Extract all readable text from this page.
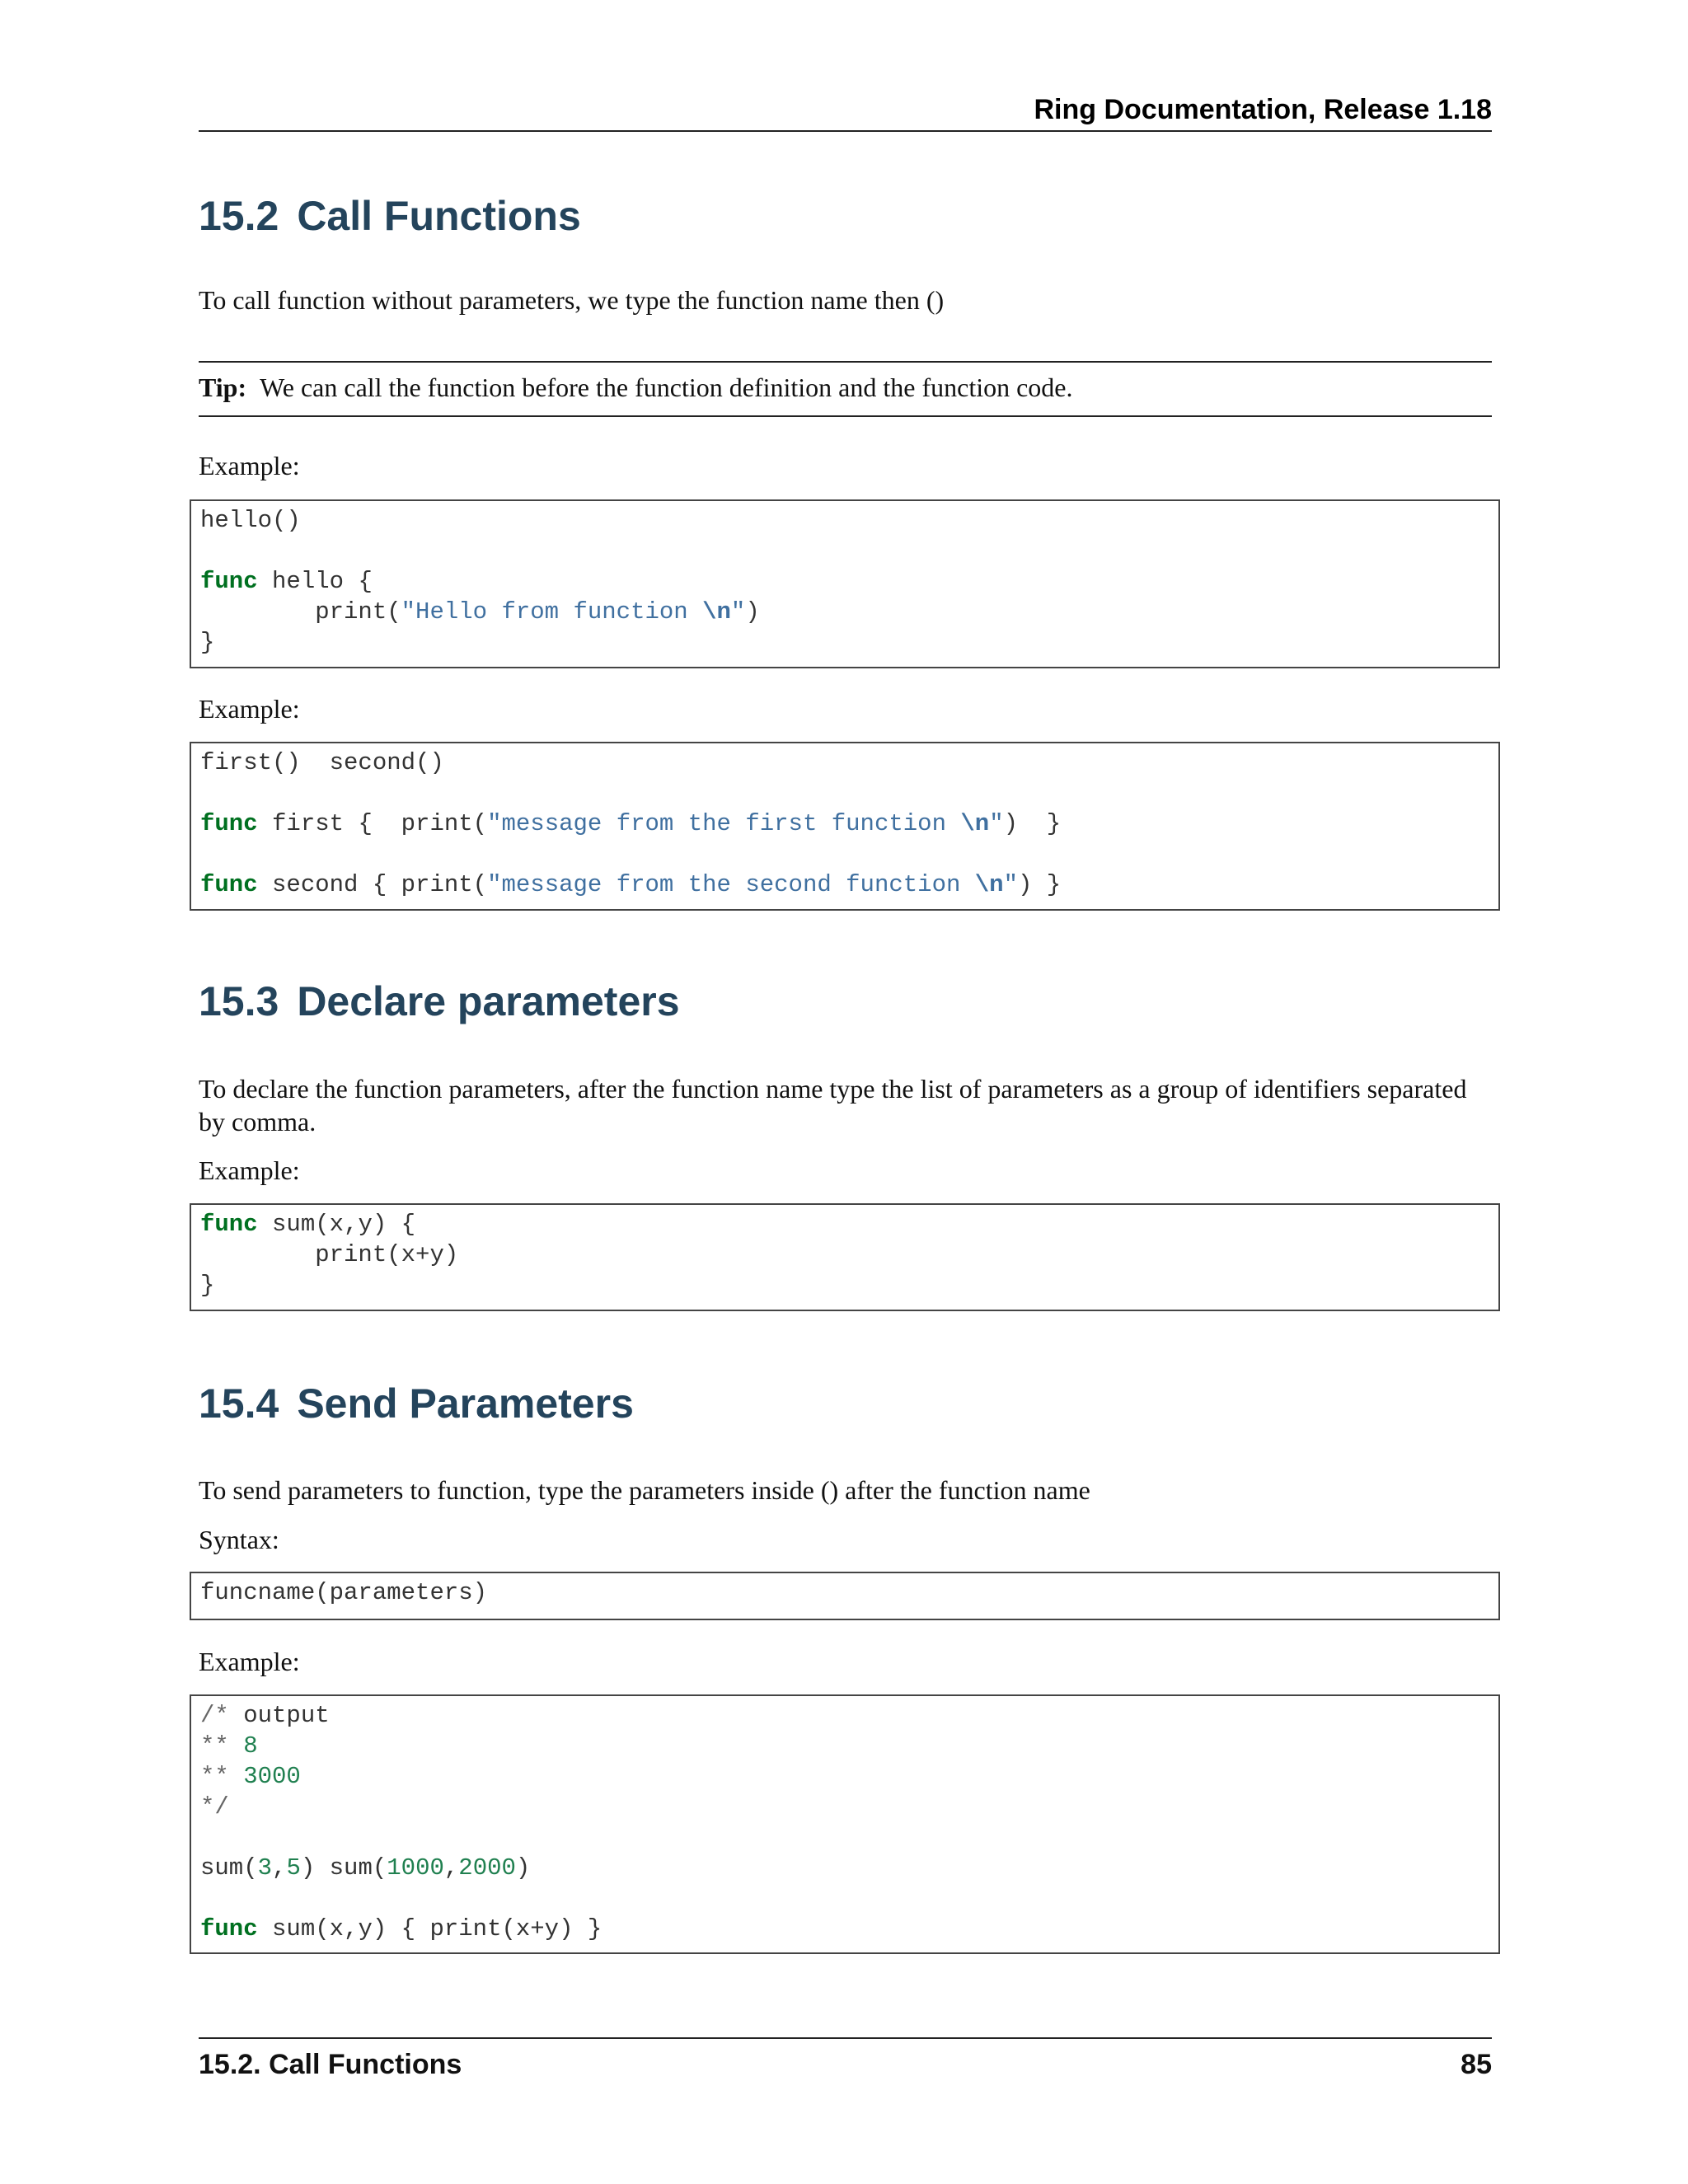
Ring Documentation, Release 1.18
15.2 Call Functions

To call function without parameters, we type the function name then ()

Tip: We can call the function before the function definition and the function code.

Example:

hello()

func hello {
print("Hello from function \n")
}

Example:

first()  second()

func first {  print("message from the first function \n")  }

func second { print("message from the second function \n") }
15.3 Declare parameters

To declare the function parameters, after the function name type the list of parameters as a group of identifiers separated by comma.

Example:

func sum(x,y) {
print(x+y)
}
15.4 Send Parameters

To send parameters to function, type the parameters inside () after the function name

Syntax:

funcname(parameters)

Example:

/* output
** 8
** 3000
*/

sum(3,5) sum(1000,2000)

func sum(x,y) { print(x+y) }
15.2. Call Functions	85
